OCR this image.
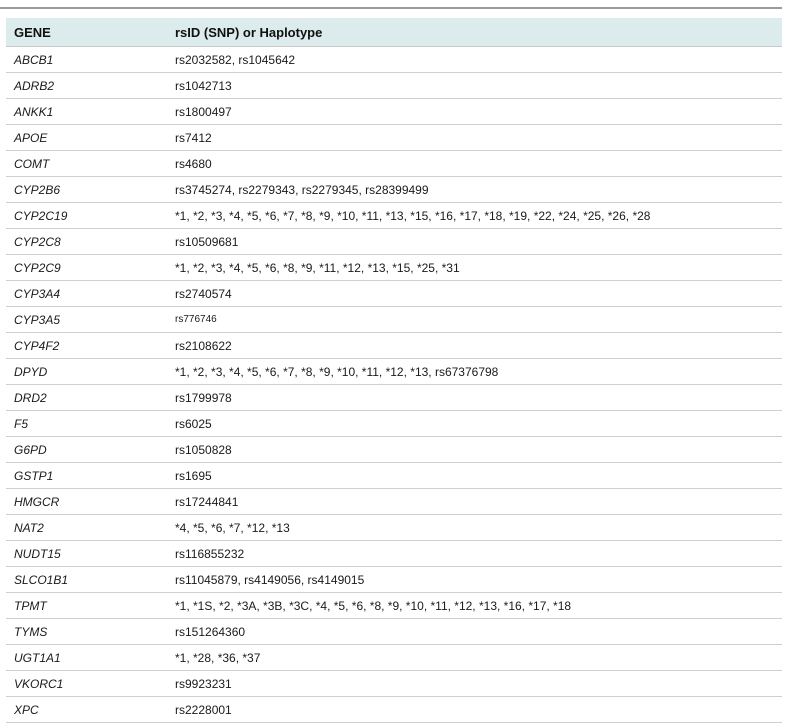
GENE	rsID (SNP) or Haplotype
ABCB1	rs2032582, rs1045642
ADRB2	rs1042713
ANKK1	rs1800497
APOE	rs7412
COMT	rs4680
CYP2B6	rs3745274, rs2279343, rs2279345, rs28399499
CYP2C19	*1, *2, *3, *4, *5, *6, *7, *8, *9, *10, *11, *13, *15, *16, *17, *18, *19, *22, *24, *25, *26, *28
CYP2C8	rs10509681
CYP2C9	*1, *2, *3, *4, *5, *6, *8, *9, *11, *12, *13, *15, *25, *31
CYP3A4	rs2740574
CYP3A5	rs776746
CYP4F2	rs2108622
DPYD	*1, *2, *3, *4, *5, *6, *7, *8, *9, *10, *11, *12, *13, rs67376798
DRD2	rs1799978
F5	rs6025
G6PD	rs1050828
GSTP1	rs1695
HMGCR	rs17244841
NAT2	*4, *5, *6, *7, *12, *13
NUDT15	rs116855232
SLCO1B1	rs11045879, rs4149056, rs4149015
TPMT	*1, *1S, *2, *3A, *3B, *3C, *4, *5, *6, *8, *9, *10, *11, *12, *13, *16, *17, *18
TYMS	rs151264360
UGT1A1	*1, *28, *36, *37
VKORC1	rs9923231
XPC	rs2228001
